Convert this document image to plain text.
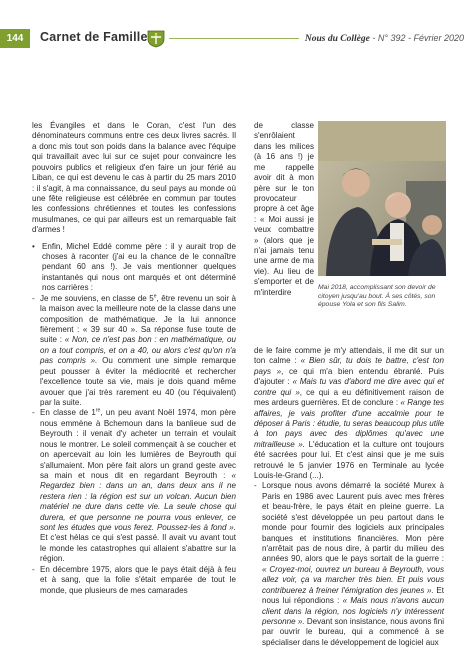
144	Carnet de Famille	Nous du Collège - N° 392 - Février 2020

les Évangiles et dans le Coran, c'est l'un des dénominateurs communs entre ces deux livres sacrés. Il a donc mis tout son poids dans la balance avec l'équipe qui travaillait avec lui sur ce sujet pour convaincre les pouvoirs publics et religieux d'en faire un jour férié au Liban, ce qui est devenu le cas à partir du 25 mars 2010 : il s'agit, à ma connaissance, du seul pays au monde où une fête religieuse est célébrée en commun par toutes les confessions chrétiennes et toutes les confessions musulmanes, ce qui par ailleurs est un remarquable fait d'armes !

• Enfin, Michel Eddé comme père : il y aurait trop de choses à raconter (j'ai eu la chance de le connaître pendant 60 ans !). Je vais mentionner quelques instantanés qui nous ont marqués et ont déterminé nos carrières :

- Je me souviens, en classe de 5e, être revenu un soir à la maison avec la meilleure note de la classe dans une composition de mathématique. Je la lui annonce fièrement : « 39 sur 40 ». Sa réponse fuse toute de suite : « Non, ce n'est pas bon : en mathématique, ou on a tout compris, et on a 40, ou alors c'est qu'on n'a pas compris ». Ou comment une simple remarque peut pousser à éviter la médiocrité et rechercher l'excellence toute sa vie, mais je dois quand même avouer que j'ai très rarement eu 40 (ou l'équivalent) par la suite.

- En classe de 1re, un peu avant Noël 1974, mon père nous emmène à Bchemoun dans la banlieue sud de Beyrouth : il venait d'y acheter un terrain et voulait nous le montrer. Le soleil commençait à se coucher et on apercevait au loin les lumières de Beyrouth qui s'allumaient. Mon père fait alors un grand geste avec sa main et nous dit en regardant Beyrouth : « Regardez bien : dans un an, dans deux ans il ne restera rien : la région est sur un volcan. Aucun bien matériel ne dure dans cette vie. La seule chose qui durera, et que personne ne pourra vous enlever, ce sont les études que vous ferez. Poussez-les à fond ». Et c'est hélas ce qui s'est passé. Il avait vu avant tout le monde les catastrophes qui allaient s'abattre sur la région.

- En décembre 1975, alors que le pays était déjà à feu et à sang, que la folie s'était emparée de tout le monde, que plusieurs de mes camarades

de classe s'enrôlaient dans les milices (à 16 ans !) je me rappelle avoir dit à mon père sur le ton provocateur propre à cet âge : « Moi aussi je veux combattre » (alors que je n'ai jamais tenu une arme de ma vie). Au lieu de s'emporter et de m'interdire
Mai 2018, accomplissant son devoir de citoyen jusqu'au bout. À ses côtés, son épouse Yola et son fils Salim.

de le faire comme je m'y attendais, il me dit sur un ton calme : « Bien sûr, tu dois te battre, c'est ton pays », ce qui m'a bien entendu ébranlé. Puis d'ajouter : « Mais tu vas d'abord me dire avec qui et contre qui », ce qui a eu définitivement raison de mes ardeurs guerrières. Et de conclure : « Range tes affaires, je vais profiter d'une accalmie pour te déposer à Paris : étudie, tu seras beaucoup plus utile à ton pays avec des diplômes qu'avec une mitrailleuse ». L'éducation et la culture ont toujours été sacrées pour lui. Et c'est ainsi que je me suis retrouvé le 5 janvier 1976 en Terminale au lycée Louis-le-Grand (...).

- Lorsque nous avons démarré la société Murex à Paris en 1986 avec Laurent puis avec mes frères et beau-frère, le pays était en pleine guerre. La société s'est développée un peu partout dans le monde pour fournir des logiciels aux principales banques et institutions financières. Mon père n'arrêtait pas de nous dire, à partir du milieu des années 90, alors que le pays sortait de la guerre : « Croyez-moi, ouvrez un bureau à Beyrouth, vous allez voir, ça va marcher très bien. Et puis vous contribuerez à freiner l'émigration des jeunes ». Et nous lui répondions : « Mais nous n'avons aucun client dans la région, nos logiciels n'y intéressent personne ». Devant son insistance, nous avons fini par ouvrir le bureau, qui a commencé à se spécialiser dans le développement de logiciel aux
